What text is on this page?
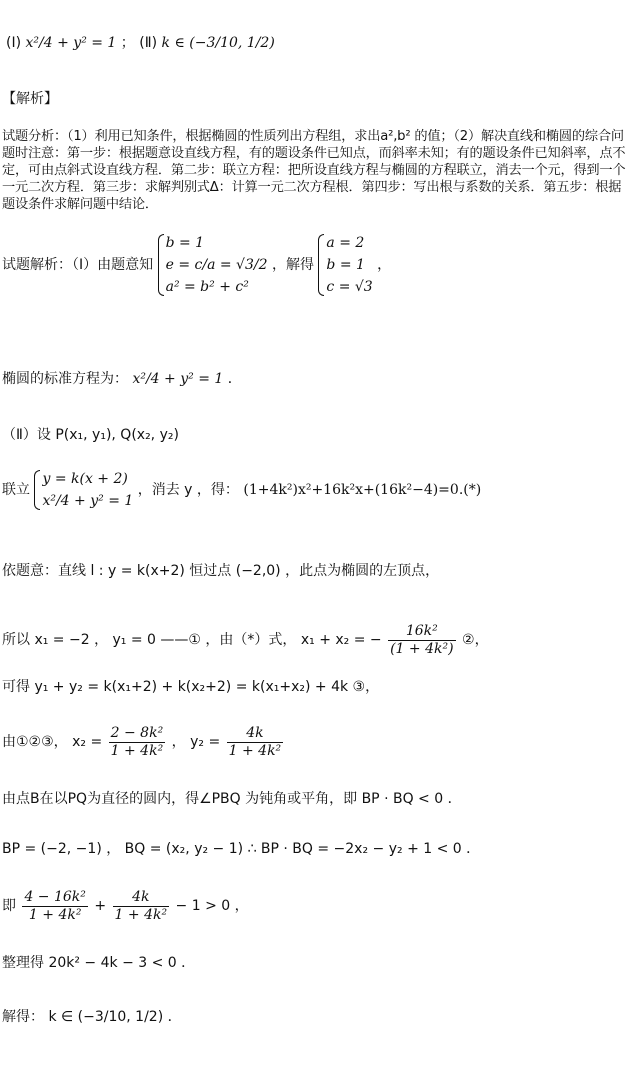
(Ⅰ) x²/4 + y² = 1 ； (Ⅱ) k ∈ (−3/10, 1/2)
【解析】
试题分析：（1）利用已知条件，根据椭圆的性质列出方程组，求出a²,b² 的值；（2）解决直线和椭圆的综合问题时注意：第一步：根据题意设直线方程，有的题设条件已知点，而斜率未知；有的题设条件已知斜率，点不定，可由点斜式设直线方程．第二步：联立方程：把所设直线方程与椭圆的方程联立，消去一个元，得到一个一元二次方程．第三步：求解判别式Δ：计算一元二次方程根．第四步：写出根与系数的关系．第五步：根据题设条件求解问题中结论．
试题解析：（Ⅰ）由题意知
b = 1
e = c/a = √3/2
a² = b² + c²
，解得
a = 2
b = 1
c = √3
，
椭圆的标准方程为： x²/4 + y² = 1 ．
（Ⅱ）设 P(x₁, y₁), Q(x₂, y₂)
联立
y = k(x + 2)
x²/4 + y² = 1
，消去 y ，得： (1+4k²)x²+16k²x+(16k²−4)=0.(*)
依题意：直线 l : y = k(x+2) 恒过点 (−2,0) ，此点为椭圆的左顶点，
所以 x₁ = −2 ， y₁ = 0 ——① ，由（*）式， x₁ + x₂ = − $\frac{\text{16k²}}{\text{(1 + 4k²)}}$ ②，
可得 y₁ + y₂ = k(x₁+2) + k(x₂+2) = k(x₁+x₂) + 4k ③，
由①②③， $x_2 = \frac{\text{2 − 8k²}}{\text{1 + 4k²}}$ ， $y_2 = \frac{4k}{\text{1 + 4k²}}$
由点B在以PQ为直径的圆内，得∠PBQ 为钝角或平角，即 BP · BQ < 0 ．
BP = (−2, −1) ， BQ = (x₂, y₂ − 1) ∴ BP · BQ = −2x₂ − y₂ + 1 < 0 ．
即 $\frac{\text{4 − 16k²}}{\text{1 + 4k²}} + \frac{4k}{\text{1 + 4k²}} - 1 > 0$ ，
整理得 20k² − 4k − 3 < 0 ．
解得： k ∈ (−3/10, 1/2) ．
